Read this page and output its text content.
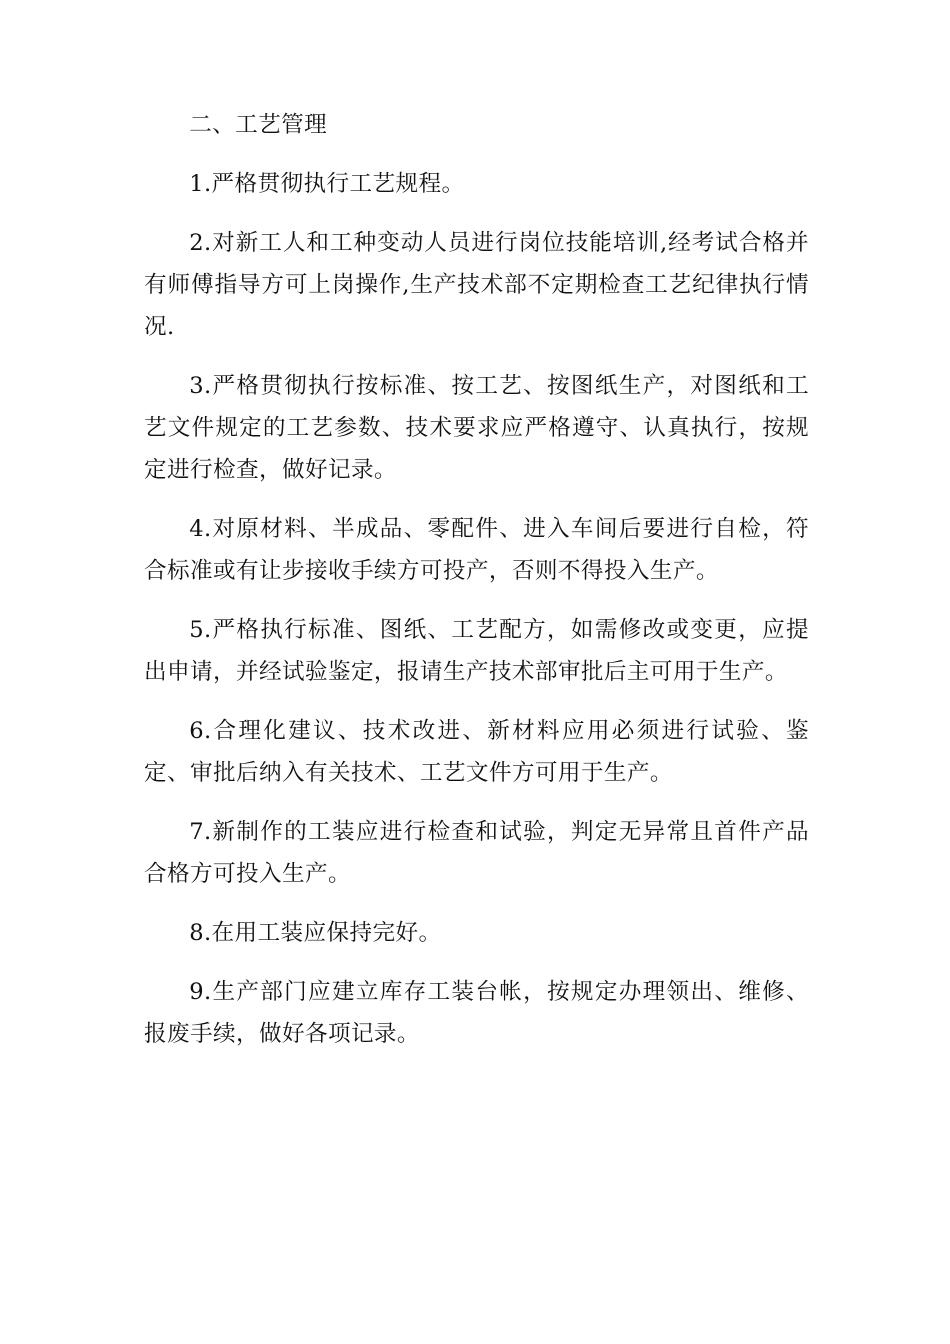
二、工艺管理

1.严格贯彻执行工艺规程。

2.对新工人和工种变动人员进行岗位技能培训,经考试合格并有师傅指导方可上岗操作,生产技术部不定期检查工艺纪律执行情况.

3.严格贯彻执行按标准、按工艺、按图纸生产，对图纸和工艺文件规定的工艺参数、技术要求应严格遵守、认真执行，按规定进行检查，做好记录。

4.对原材料、半成品、零配件、进入车间后要进行自检，符合标准或有让步接收手续方可投产，否则不得投入生产。

5.严格执行标准、图纸、工艺配方，如需修改或变更，应提出申请，并经试验鉴定，报请生产技术部审批后主可用于生产。

6.合理化建议、技术改进、新材料应用必须进行试验、鉴定、审批后纳入有关技术、工艺文件方可用于生产。

7.新制作的工装应进行检查和试验，判定无异常且首件产品合格方可投入生产。

8.在用工装应保持完好。

9.生产部门应建立库存工装台帐，按规定办理领出、维修、报废手续，做好各项记录。
